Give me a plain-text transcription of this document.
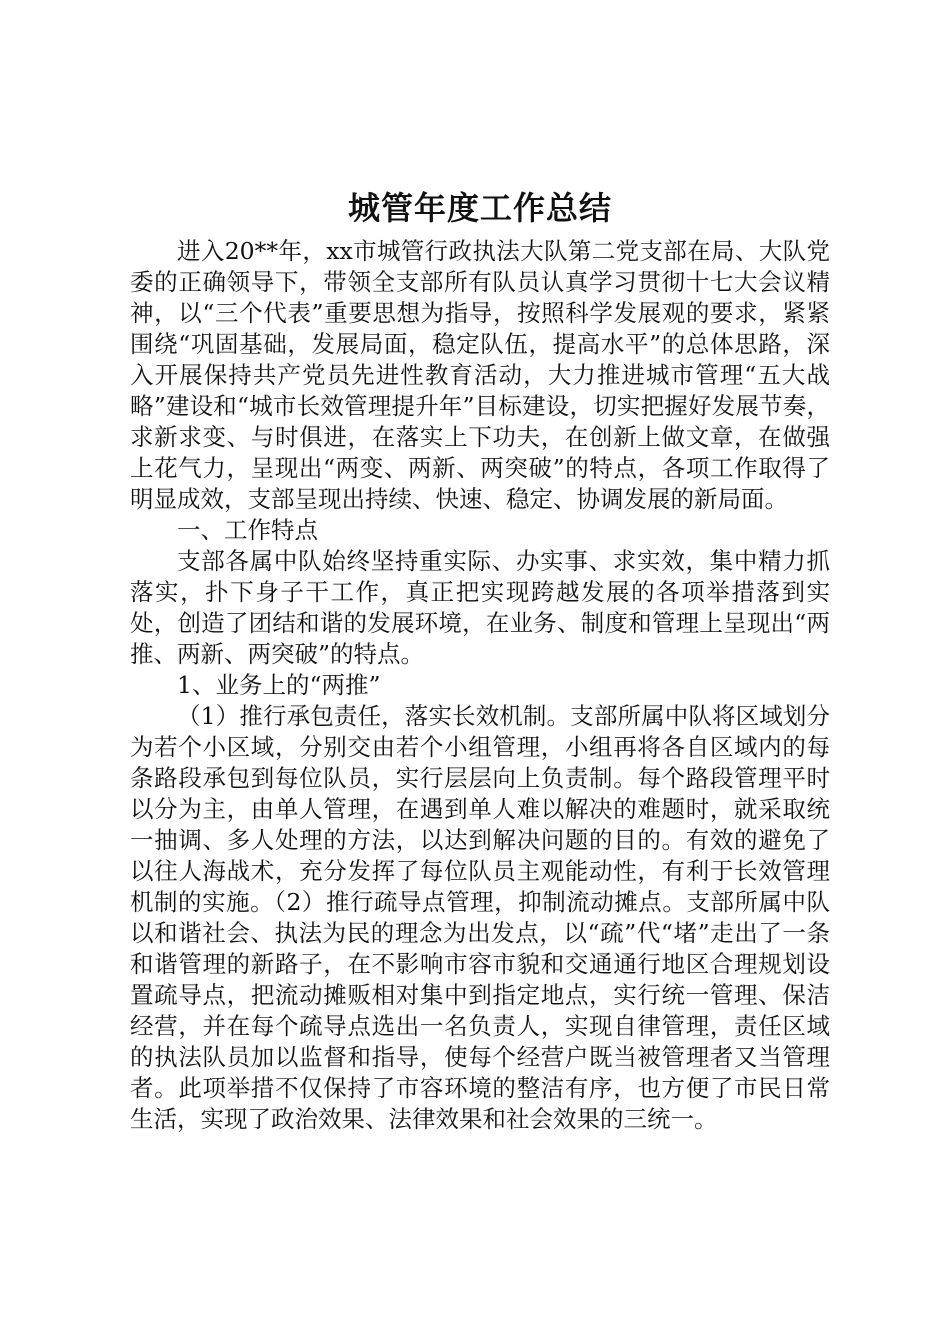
城管年度工作总结

进入20**年，xx市城管行政执法大队第二党支部在局、大队党委的正确领导下，带领全支部所有队员认真学习贯彻十七大会议精神，以“三个代表”重要思想为指导，按照科学发展观的要求，紧紧围绕“巩固基础，发展局面，稳定队伍，提高水平”的总体思路，深入开展保持共产党员先进性教育活动，大力推进城市管理“五大战略”建设和“城市长效管理提升年”目标建设，切实把握好发展节奏，求新求变、与时俱进，在落实上下功夫，在创新上做文章，在做强上花气力，呈现出“两变、两新、两突破”的特点，各项工作取得了明显成效，支部呈现出持续、快速、稳定、协调发展的新局面。

一、工作特点

支部各属中队始终坚持重实际、办实事、求实效，集中精力抓落实，扑下身子干工作，真正把实现跨越发展的各项举措落到实处，创造了团结和谐的发展环境，在业务、制度和管理上呈现出“两推、两新、两突破”的特点。

1、业务上的“两推”

（1）推行承包责任，落实长效机制。支部所属中队将区域划分为若个小区域，分别交由若个小组管理，小组再将各自区域内的每条路段承包到每位队员，实行层层向上负责制。每个路段管理平时以分为主，由单人管理，在遇到单人难以解决的难题时，就采取统一抽调、多人处理的方法，以达到解决问题的目的。有效的避免了以往人海战术，充分发挥了每位队员主观能动性，有利于长效管理机制的实施。（2）推行疏导点管理，抑制流动摊点。支部所属中队以和谐社会、执法为民的理念为出发点，以“疏”代“堵”走出了一条和谐管理的新路子，在不影响市容市貌和交通通行地区合理规划设置疏导点，把流动摊贩相对集中到指定地点，实行统一管理、保洁经营，并在每个疏导点选出一名负责人，实现自律管理，责任区域的执法队员加以监督和指导，使每个经营户既当被管理者又当管理者。此项举措不仅保持了市容环境的整洁有序，也方便了市民日常生活，实现了政治效果、法律效果和社会效果的三统一。
